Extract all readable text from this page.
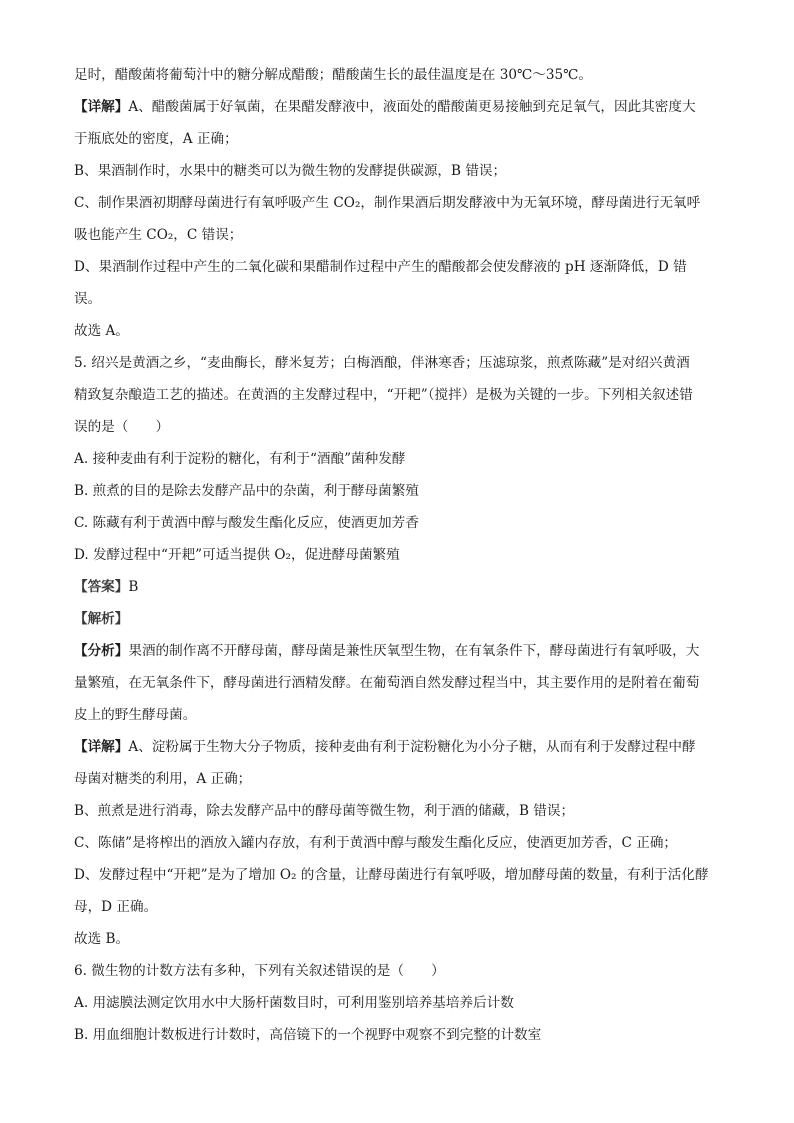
足时，醋酸菌将葡萄汁中的糖分解成醋酸；醋酸菌生长的最佳温度是在 30℃～35℃。
【详解】A、醋酸菌属于好氧菌，在果醋发酵液中，液面处的醋酸菌更易接触到充足氧气，因此其密度大
于瓶底处的密度，A 正确；
B、果酒制作时，水果中的糖类可以为微生物的发酵提供碳源，B 错误；
C、制作果酒初期酵母菌进行有氧呼吸产生 CO₂，制作果酒后期发酵液中为无氧环境，酵母菌进行无氧呼
吸也能产生 CO₂，C 错误；
D、果酒制作过程中产生的二氧化碳和果醋制作过程中产生的醋酸都会使发酵液的 pH 逐渐降低，D 错
误。
故选 A。
5. 绍兴是黄酒之乡，“麦曲酶长，酵米复芳；白梅酒酿，伴淋寒香；压滤琼浆，煎煮陈藏”是对绍兴黄酒
精致复杂酿造工艺的描述。在黄酒的主发酵过程中，“开耙”（搅拌）是极为关键的一步。下列相关叙述错
误的是（　　）
A. 接种麦曲有利于淀粉的糖化，有利于“酒酿”菌种发酵
B. 煎煮的目的是除去发酵产品中的杂菌，利于酵母菌繁殖
C. 陈藏有利于黄酒中醇与酸发生酯化反应，使酒更加芳香
D. 发酵过程中“开耙”可适当提供 O₂，促进酵母菌繁殖
【答案】B
【解析】
【分析】果酒的制作离不开酵母菌，酵母菌是兼性厌氧型生物，在有氧条件下，酵母菌进行有氧呼吸，大
量繁殖，在无氧条件下，酵母菌进行酒精发酵。在葡萄酒自然发酵过程当中，其主要作用的是附着在葡萄
皮上的野生酵母菌。
【详解】A、淀粉属于生物大分子物质，接种麦曲有利于淀粉糖化为小分子糖，从而有利于发酵过程中酵
母菌对糖类的利用，A 正确；
B、煎煮是进行消毒，除去发酵产品中的酵母菌等微生物，利于酒的储藏，B 错误；
C、陈储”是将榨出的酒放入罐内存放，有利于黄酒中醇与酸发生酯化反应，使酒更加芳香，C 正确；
D、发酵过程中“开耙”是为了增加 O₂ 的含量，让酵母菌进行有氧呼吸，增加酵母菌的数量，有利于活化酵
母，D 正确。
故选 B。
6. 微生物的计数方法有多种，下列有关叙述错误的是（　　）
A. 用滤膜法测定饮用水中大肠杆菌数目时，可利用鉴别培养基培养后计数
B. 用血细胞计数板进行计数时，高倍镜下的一个视野中观察不到完整的计数室
